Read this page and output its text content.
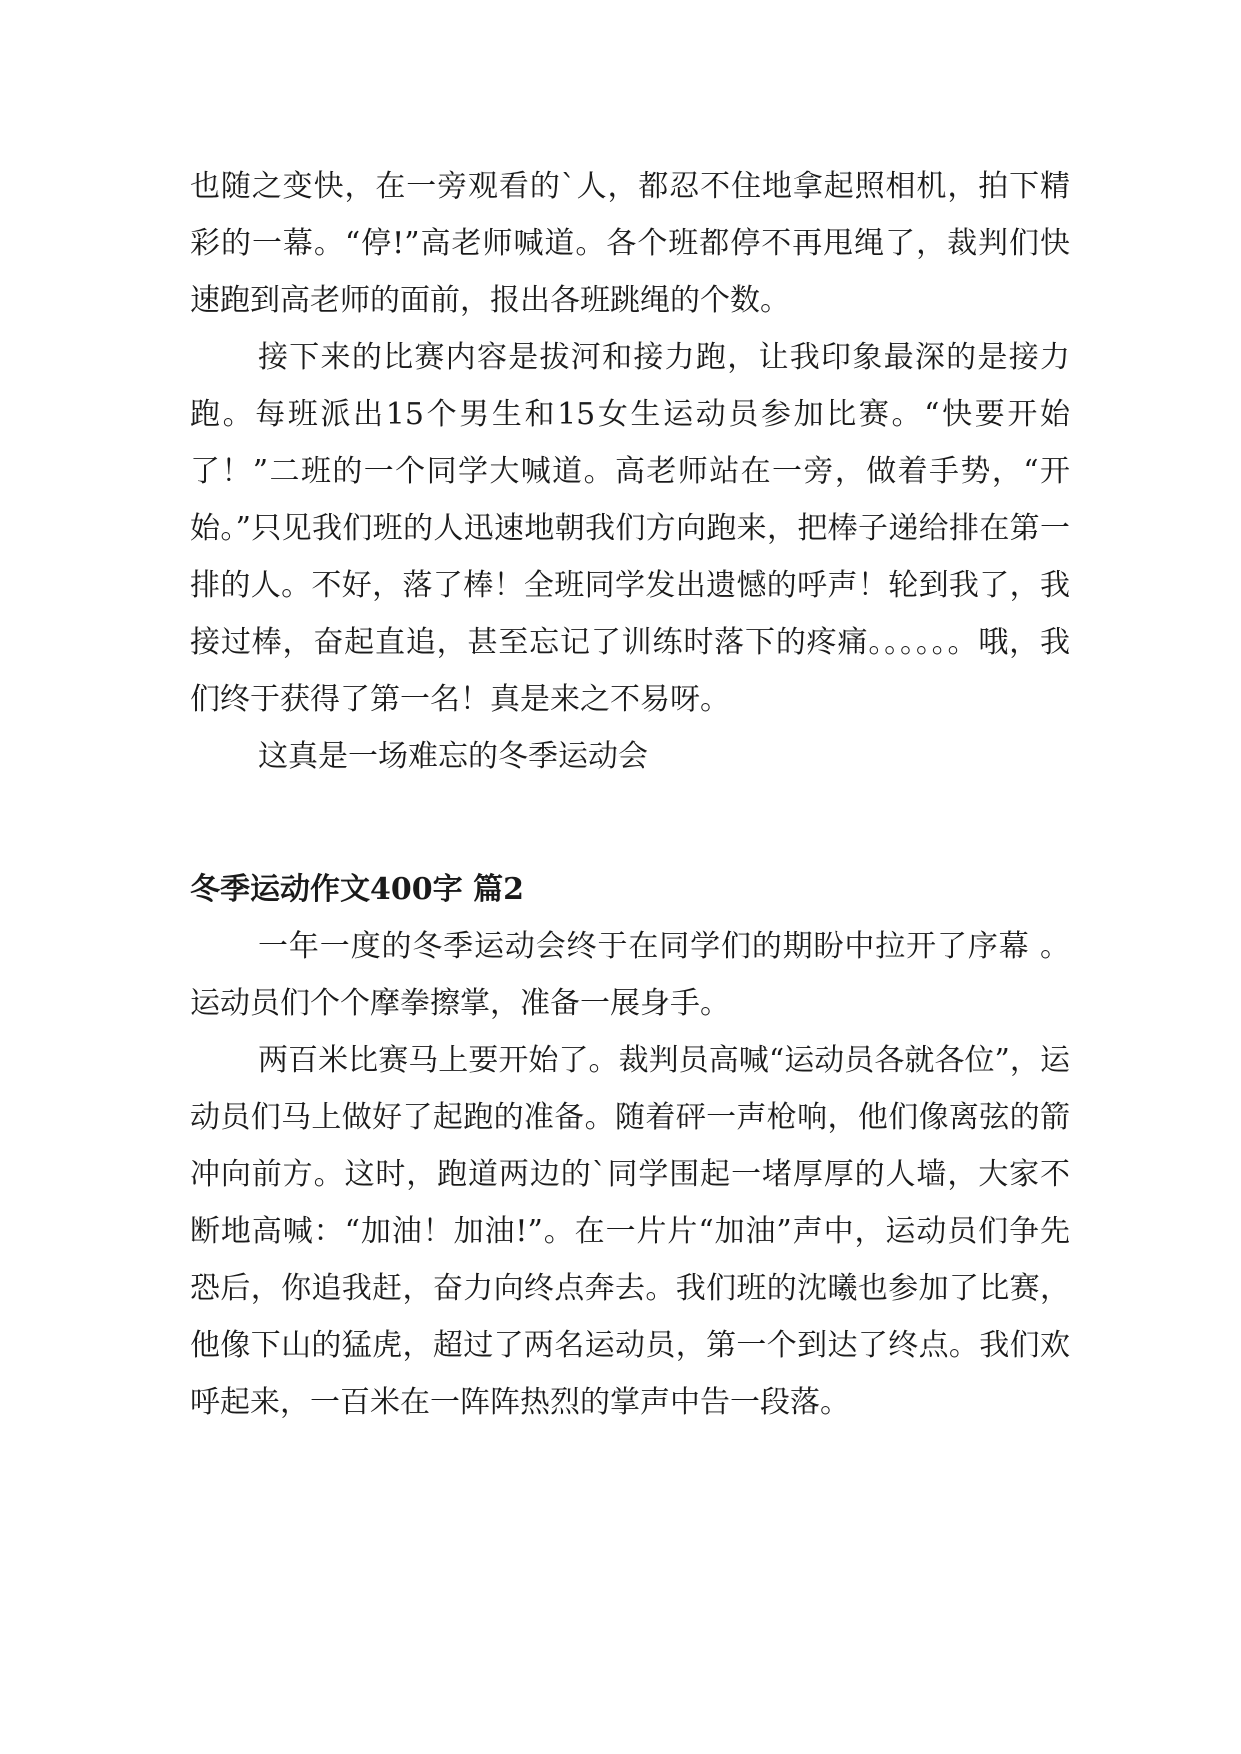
也随之变快，在一旁观看的`人，都忍不住地拿起照相机，拍下精彩的一幕。“停!”高老师喊道。各个班都停不再甩绳了，裁判们快速跑到高老师的面前，报出各班跳绳的个数。

接下来的比赛内容是拔河和接力跑，让我印象最深的是接力跑。每班派出15个男生和15女生运动员参加比赛。“快要开始了！”二班的一个同学大喊道。高老师站在一旁，做着手势，“开始。”只见我们班的人迅速地朝我们方向跑来，把棒子递给排在第一排的人。不好，落了棒！全班同学发出遗憾的呼声！轮到我了，我接过棒，奋起直追，甚至忘记了训练时落下的疼痛。。。。。。哦，我们终于获得了第一名！真是来之不易呀。

这真是一场难忘的冬季运动会

冬季运动作文400字 篇2

一年一度的冬季运动会终于在同学们的期盼中拉开了序幕 。运动员们个个摩拳擦掌，准备一展身手。

两百米比赛马上要开始了。裁判员高喊“运动员各就各位”，运动员们马上做好了起跑的准备。随着砰一声枪响，他们像离弦的箭冲向前方。这时，跑道两边的`同学围起一堵厚厚的人墙，大家不断地高喊：“加油！加油!”。在一片片“加油”声中，运动员们争先恐后，你追我赶，奋力向终点奔去。我们班的沈曦也参加了比赛，他像下山的猛虎，超过了两名运动员，第一个到达了终点。我们欢呼起来，一百米在一阵阵热烈的掌声中告一段落。
